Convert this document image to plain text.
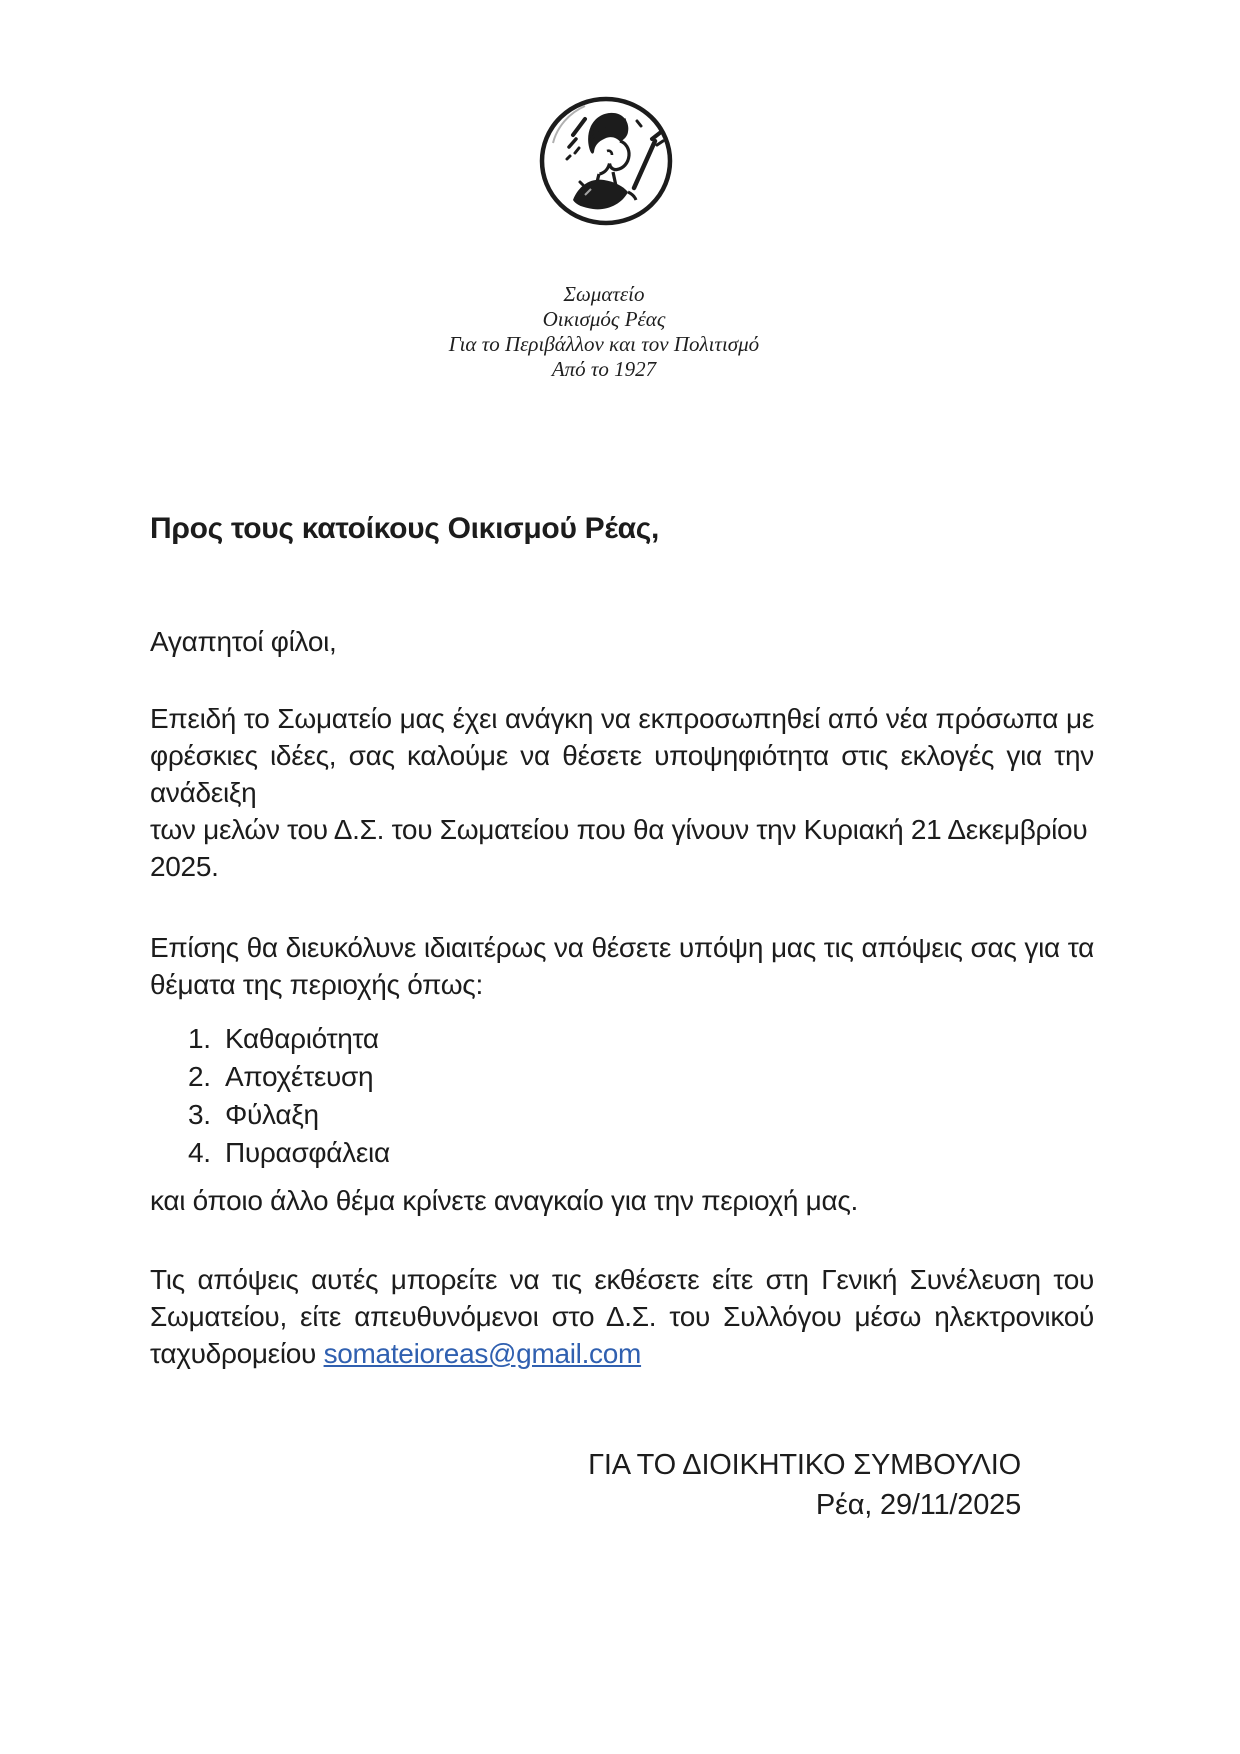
Σωματείο
Οικισμός Ρέας
Για το Περιβάλλον και τον Πολιτισμό
Από το 1927

Προς τους κατοίκους Οικισμού Ρέας,

Αγαπητοί φίλοι,

Επειδή το Σωματείο μας έχει ανάγκη να εκπροσωπηθεί από νέα πρόσωπα με
φρέσκιες ιδέες, σας καλούμε να θέσετε υποψηφιότητα στις εκλογές για την ανάδειξη
των μελών του Δ.Σ. του Σωματείου που θα γίνουν την Κυριακή 21 Δεκεμβρίου 2025.
Επίσης θα διευκόλυνε ιδιαιτέρως να θέσετε υπόψη μας τις απόψεις σας για τα
θέματα της περιοχής όπως:
1. Καθαριότητα
2. Αποχέτευση
3. Φύλαξη
4. Πυρασφάλεια

και όποιο άλλο θέμα κρίνετε αναγκαίο για την περιοχή μας.

Τις απόψεις αυτές μπορείτε να τις εκθέσετε είτε στη Γενική Συνέλευση του
Σωματείου, είτε απευθυνόμενοι στο Δ.Σ. του Συλλόγου μέσω ηλεκτρονικού
ταχυδρομείου somateioreas@gmail.com
ΓΙΑ ΤΟ ΔΙΟΙΚΗΤΙΚΟ ΣΥΜΒΟΥΛΙΟ
Ρέα, 29/11/2025
